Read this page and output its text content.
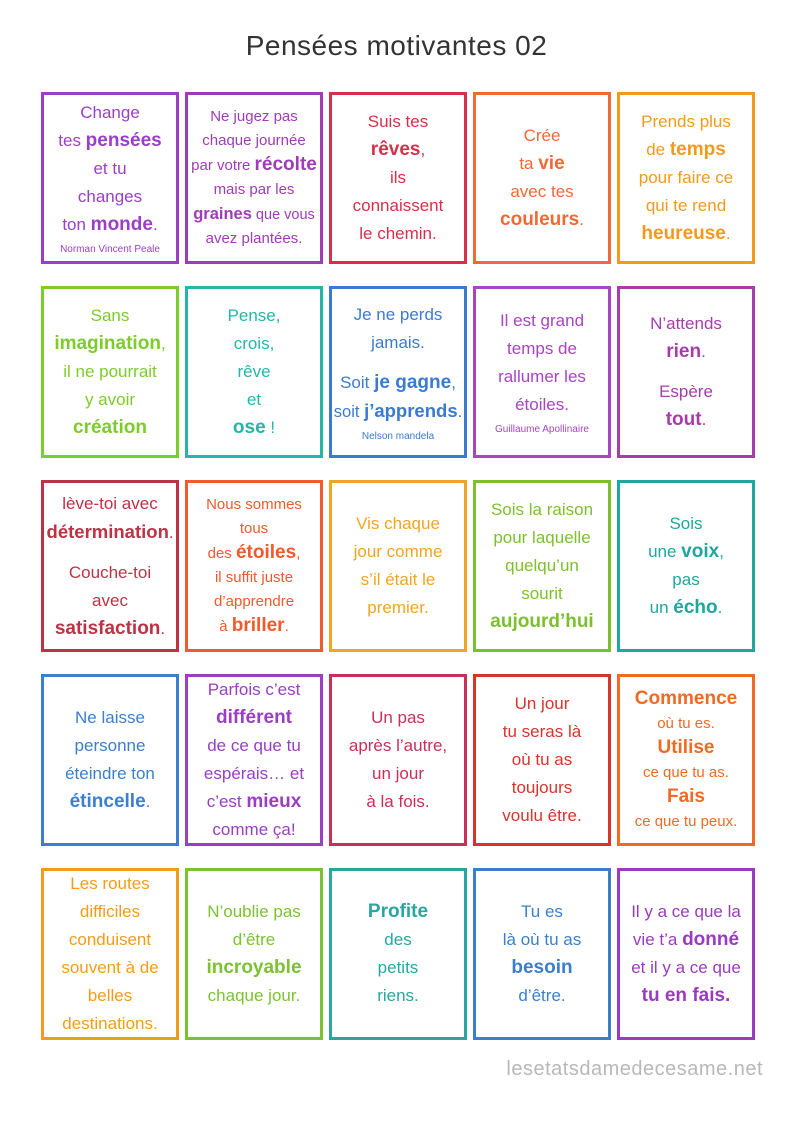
Pensées motivantes 02
Change
tes pensées
et tu
changes
ton monde.
Norman Vincent Peale
Ne jugez pas
chaque journée
par votre récolte
mais par les
graines que vous
avez plantées.
Suis tes
rêves,
ils
connaissent
le chemin.
Crée
ta vie
avec tes
couleurs.
Prends plus
de temps
pour faire ce
qui te rend
heureuse.
Sans
imagination,
il ne pourrait
y avoir
création
Pense,
crois,
rêve
et
ose !
Je ne perds
jamais.
Soit je gagne,
soit j’apprends.
Nelson mandela
Il est grand
temps de
rallumer les
étoiles.
Guillaume Apollinaire
N’attends
rien.
Espère
tout.
lève-toi avec
détermination.
Couche-toi
avec
satisfaction.
Nous sommes
tous
des étoiles,
il suffit juste
d’apprendre
à briller.
Vis chaque
jour comme
s’il était le
premier.
Sois la raison
pour laquelle
quelqu’un
sourit
aujourd’hui
Sois
une voix,
pas
un écho.
Ne laisse
personne
éteindre ton
étincelle.
Parfois c’est
différent
de ce que tu
espérais… et
c’est mieux
comme ça!
Un pas
après l’autre,
un jour
à la fois.
Un jour
tu seras là
où tu as
toujours
voulu être.
Commence
où tu es.
Utilise
ce que tu as.
Fais
ce que tu peux.
Les routes
difficiles
conduisent
souvent à de
belles
destinations.
N’oublie pas
d’être
incroyable
chaque jour.
Profite
des
petits
riens.
Tu es
là où tu as
besoin
d’être.
Il y a ce que la
vie t’a donné
et il y a ce que
tu en fais.
lesetatsdamedecesame.net
